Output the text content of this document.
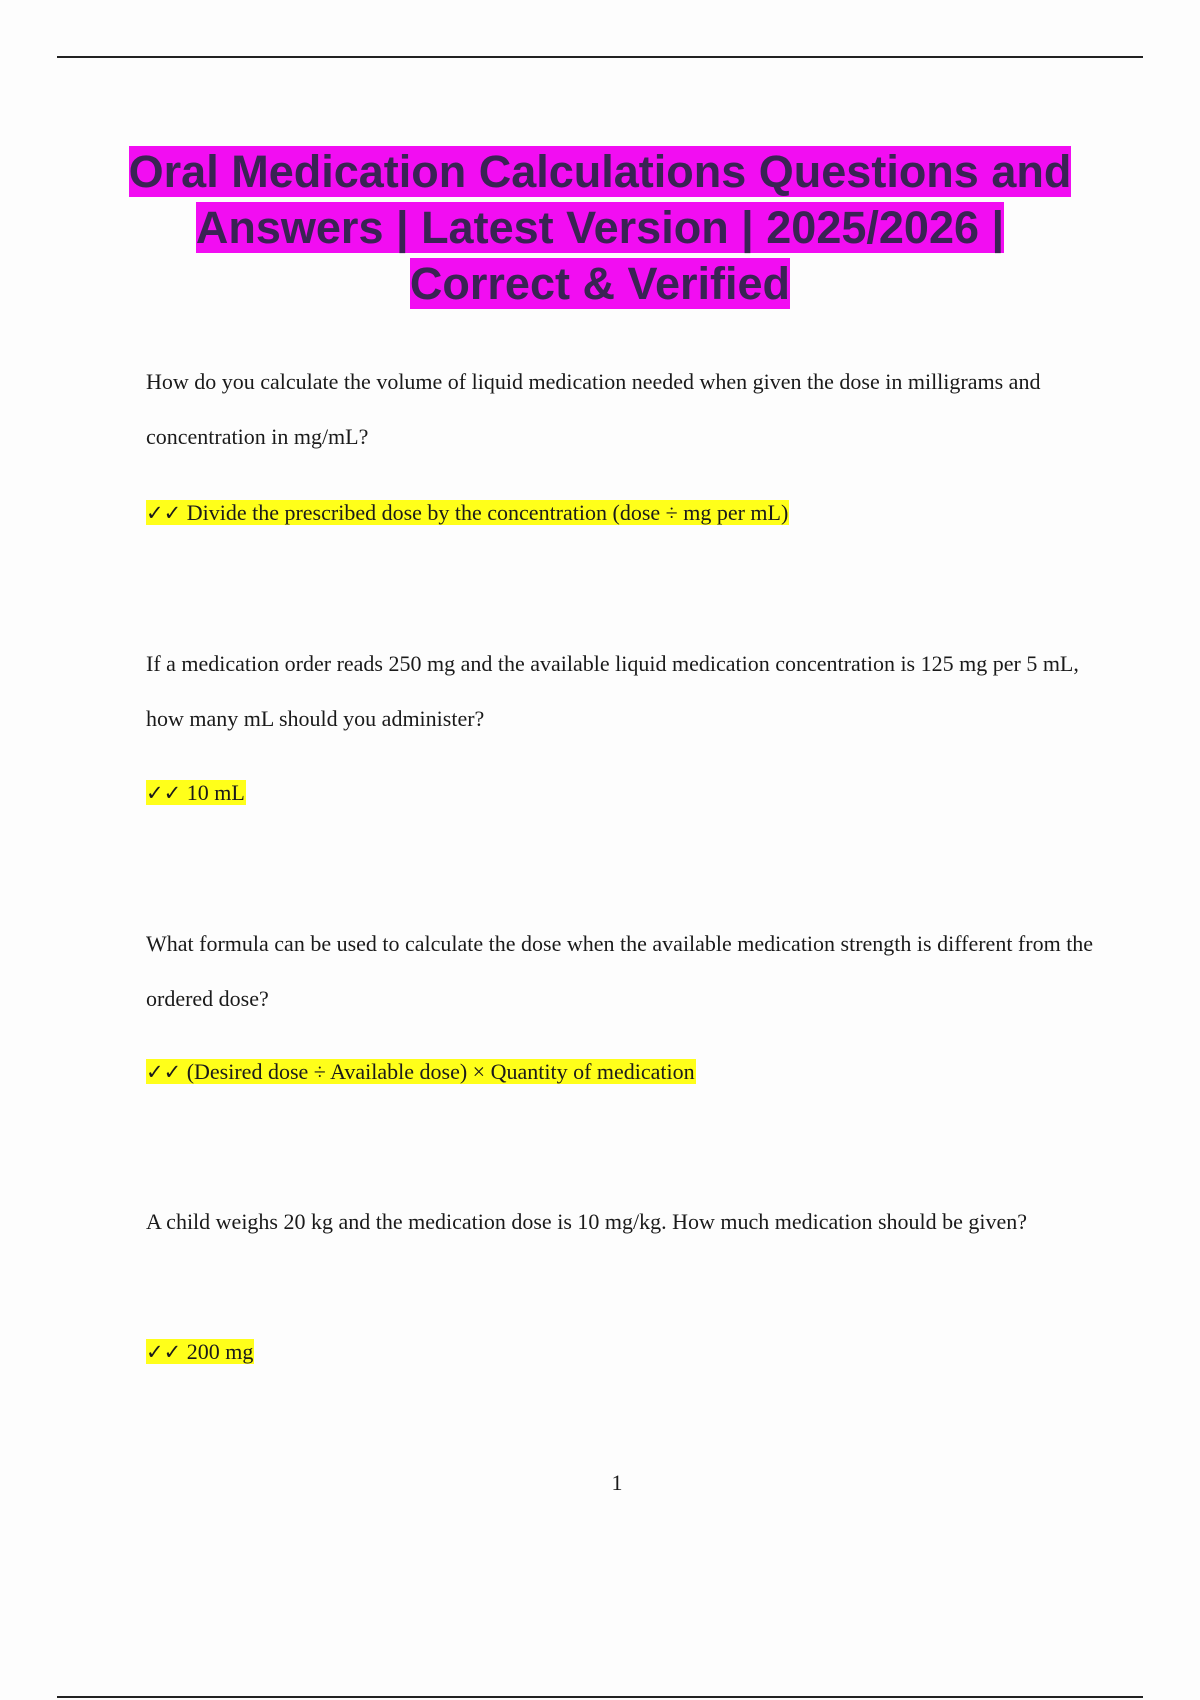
Oral Medication Calculations Questions and Answers | Latest Version | 2025/2026 | Correct & Verified

How do you calculate the volume of liquid medication needed when given the dose in milligrams and concentration in mg/mL?

✓✓ Divide the prescribed dose by the concentration (dose ÷ mg per mL)

If a medication order reads 250 mg and the available liquid medication concentration is 125 mg per 5 mL, how many mL should you administer?

✓✓ 10 mL

What formula can be used to calculate the dose when the available medication strength is different from the ordered dose?

✓✓ (Desired dose ÷ Available dose) × Quantity of medication

A child weighs 20 kg and the medication dose is 10 mg/kg. How much medication should be given?

✓✓ 200 mg

1
